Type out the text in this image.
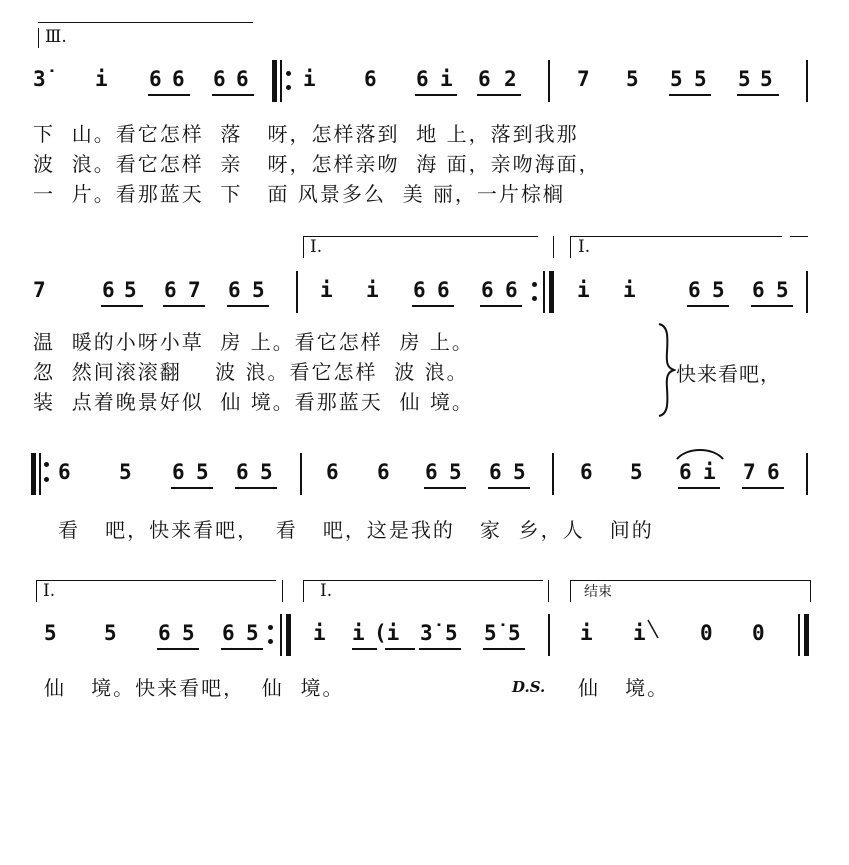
Ⅲ.
3̇ i 6 6 6 6	i 6 6 i 6 2	7 5 5 5 5 5
下  山。看它怎样  落   呀，怎样落到  地 上，落到我那
波  浪。看它怎样  亲   呀，怎样亲吻  海 面，亲吻海面，
一  片。看那蓝天  下   面 风景多么  美 丽，一片棕榈
Ⅰ.	Ⅰ.
7	6 5 6 7 6 5	i i 6 6 6 6	i i 6 5 6 5
温  暖的小呀小草  房 上。看它怎样  房 上。
忽  然间滚滚翻    波 浪。看它怎样  波 浪。
装  点着晚景好似  仙 境。看那蓝天  仙 境。
快来看吧，
6 5 6 5 6 5	6 6 6 5 6 5	6 5 6 i 7 6
看   吧，快来看吧，  看   吧，这是我的   家  乡，人   间的
Ⅰ.	Ⅰ.	结束
5 5 6 5 6 5	i i (i 3̇ 5 5̇ 5	i i	0 0
仙   境。快来看吧，  仙  境。	D.S. 仙   境。
